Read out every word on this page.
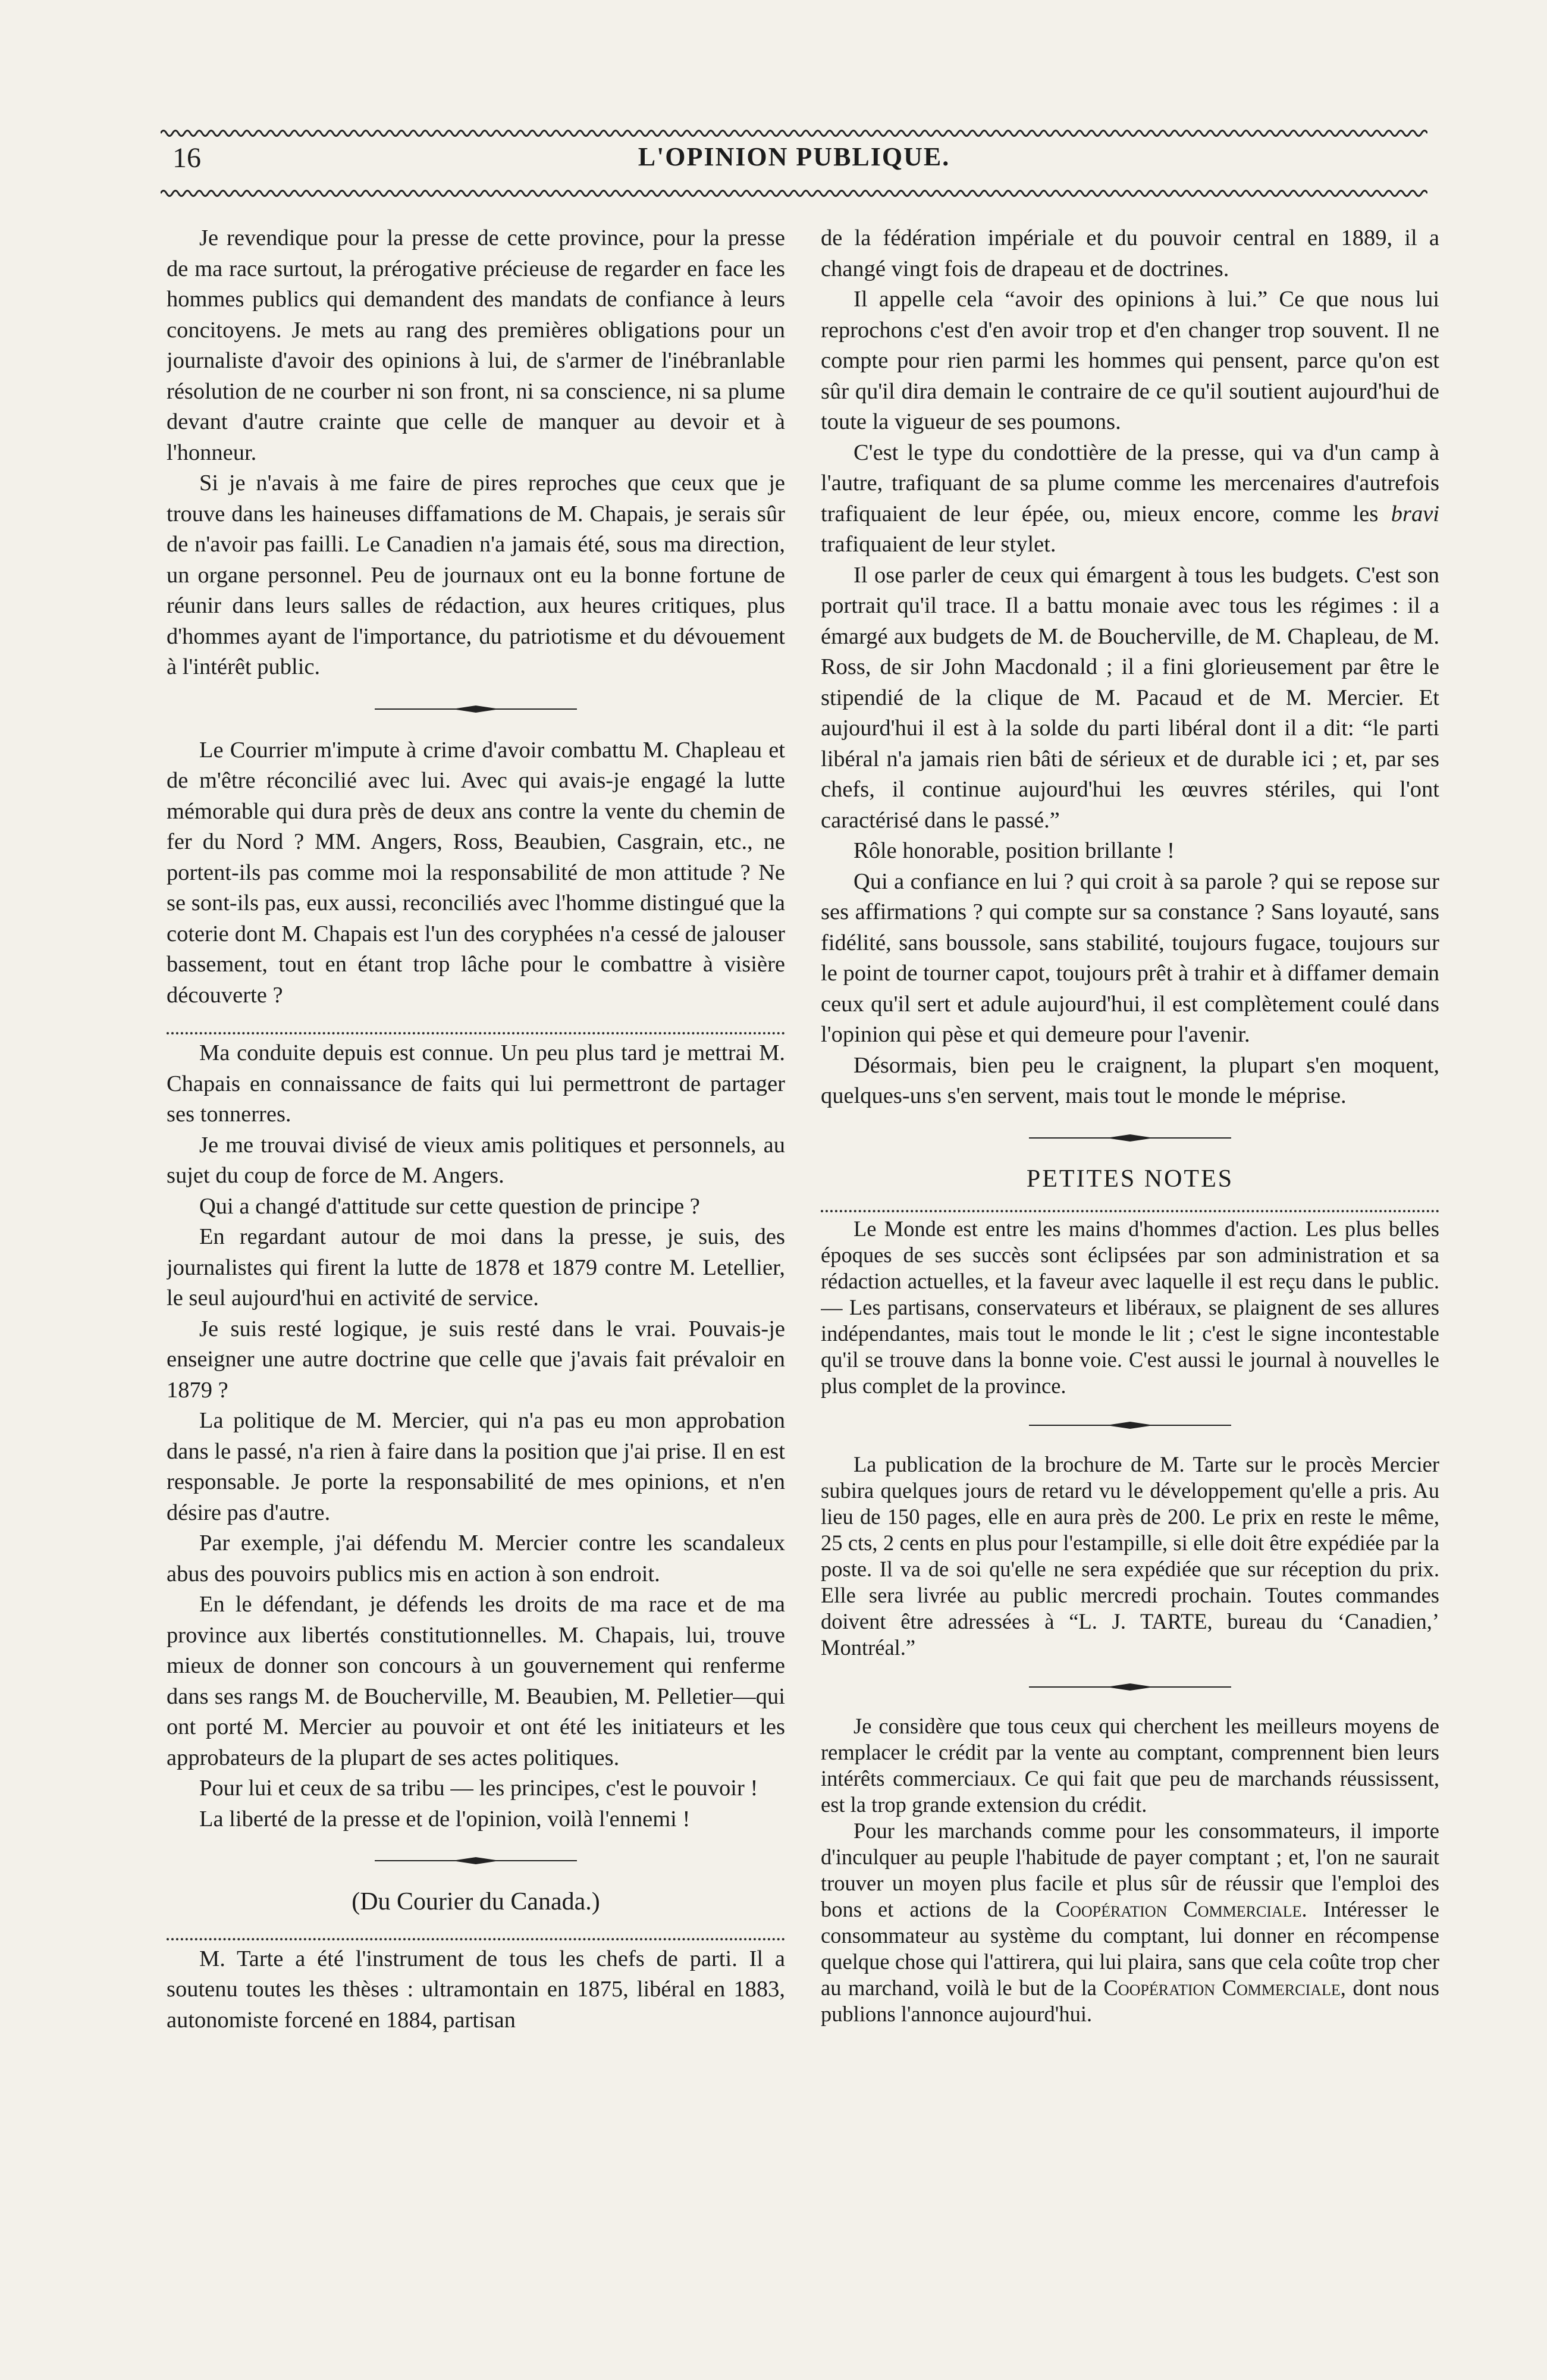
16	L'OPINION PUBLIQUE.

Je revendique pour la presse de cette province, pour la presse de ma race surtout, la prérogative précieuse de regarder en face les hommes publics qui demandent des mandats de confiance à leurs concitoyens. Je mets au rang des premières obligations pour un journaliste d'avoir des opinions à lui, de s'armer de l'inébranlable résolution de ne courber ni son front, ni sa conscience, ni sa plume devant d'autre crainte que celle de manquer au devoir et à l'honneur.

Si je n'avais à me faire de pires reproches que ceux que je trouve dans les haineuses diffamations de M. Chapais, je serais sûr de n'avoir pas failli. Le Canadien n'a jamais été, sous ma direction, un organe personnel. Peu de journaux ont eu la bonne fortune de réunir dans leurs salles de rédaction, aux heures critiques, plus d'hommes ayant de l'importance, du patriotisme et du dévouement à l'intérêt public.

Le Courrier m'impute à crime d'avoir combattu M. Chapleau et de m'être réconcilié avec lui. Avec qui avais-je engagé la lutte mémorable qui dura près de deux ans contre la vente du chemin de fer du Nord ? MM. Angers, Ross, Beaubien, Casgrain, etc., ne portent-ils pas comme moi la responsabilité de mon attitude ? Ne se sont-ils pas, eux aussi, reconciliés avec l'homme distingué que la coterie dont M. Chapais est l'un des coryphées n'a cessé de jalouser bassement, tout en étant trop lâche pour le combattre à visière découverte ?

Ma conduite depuis est connue. Un peu plus tard je mettrai M. Chapais en connaissance de faits qui lui permettront de partager ses tonnerres.

Je me trouvai divisé de vieux amis politiques et personnels, au sujet du coup de force de M. Angers.

Qui a changé d'attitude sur cette question de principe ?

En regardant autour de moi dans la presse, je suis, des journalistes qui firent la lutte de 1878 et 1879 contre M. Letellier, le seul aujourd'hui en activité de service.

Je suis resté logique, je suis resté dans le vrai. Pouvais-je enseigner une autre doctrine que celle que j'avais fait prévaloir en 1879 ?

La politique de M. Mercier, qui n'a pas eu mon approbation dans le passé, n'a rien à faire dans la position que j'ai prise. Il en est responsable. Je porte la responsabilité de mes opinions, et n'en désire pas d'autre.

Par exemple, j'ai défendu M. Mercier contre les scandaleux abus des pouvoirs publics mis en action à son endroit.

En le défendant, je défends les droits de ma race et de ma province aux libertés constitutionnelles. M. Chapais, lui, trouve mieux de donner son concours à un gouvernement qui renferme dans ses rangs M. de Boucherville, M. Beaubien, M. Pelletier—qui ont porté M. Mercier au pouvoir et ont été les initiateurs et les approbateurs de la plupart de ses actes politiques.

Pour lui et ceux de sa tribu — les principes, c'est le pouvoir !

La liberté de la presse et de l'opinion, voilà l'ennemi !

(Du Courier du Canada.)

M. Tarte a été l'instrument de tous les chefs de parti. Il a soutenu toutes les thèses : ultramontain en 1875, libéral en 1883, autonomiste forcené en 1884, partisan

de la fédération impériale et du pouvoir central en 1889, il a changé vingt fois de drapeau et de doctrines.

Il appelle cela “avoir des opinions à lui.” Ce que nous lui reprochons c'est d'en avoir trop et d'en changer trop souvent. Il ne compte pour rien parmi les hommes qui pensent, parce qu'on est sûr qu'il dira demain le contraire de ce qu'il soutient aujourd'hui de toute la vigueur de ses poumons.

C'est le type du condottière de la presse, qui va d'un camp à l'autre, trafiquant de sa plume comme les mercenaires d'autrefois trafiquaient de leur épée, ou, mieux encore, comme les bravi trafiquaient de leur stylet.

Il ose parler de ceux qui émargent à tous les budgets. C'est son portrait qu'il trace. Il a battu monaie avec tous les régimes : il a émargé aux budgets de M. de Boucherville, de M. Chapleau, de M. Ross, de sir John Macdonald ; il a fini glorieusement par être le stipendié de la clique de M. Pacaud et de M. Mercier. Et aujourd'hui il est à la solde du parti libéral dont il a dit: “le parti libéral n'a jamais rien bâti de sérieux et de durable ici ; et, par ses chefs, il continue aujourd'hui les œuvres stériles, qui l'ont caractérisé dans le passé.”

Rôle honorable, position brillante !

Qui a confiance en lui ? qui croit à sa parole ? qui se repose sur ses affirmations ? qui compte sur sa constance ? Sans loyauté, sans fidélité, sans boussole, sans stabilité, toujours fugace, toujours sur le point de tourner capot, toujours prêt à trahir et à diffamer demain ceux qu'il sert et adule aujourd'hui, il est complètement coulé dans l'opinion qui pèse et qui demeure pour l'avenir.

Désormais, bien peu le craignent, la plupart s'en moquent, quelques-uns s'en servent, mais tout le monde le méprise.

PETITES NOTES

Le Monde est entre les mains d'hommes d'action. Les plus belles époques de ses succès sont éclipsées par son administration et sa rédaction actuelles, et la faveur avec laquelle il est reçu dans le public.— Les partisans, conservateurs et libéraux, se plaignent de ses allures indépendantes, mais tout le monde le lit ; c'est le signe incontestable qu'il se trouve dans la bonne voie. C'est aussi le journal à nouvelles le plus complet de la province.

La publication de la brochure de M. Tarte sur le procès Mercier subira quelques jours de retard vu le développement qu'elle a pris. Au lieu de 150 pages, elle en aura près de 200. Le prix en reste le même, 25 cts, 2 cents en plus pour l'estampille, si elle doit être expédiée par la poste. Il va de soi qu'elle ne sera expédiée que sur réception du prix. Elle sera livrée au public mercredi prochain. Toutes commandes doivent être adressées à “L. J. TARTE, bureau du ‘Canadien,’ Montréal.”

Je considère que tous ceux qui cherchent les meilleurs moyens de remplacer le crédit par la vente au comptant, comprennent bien leurs intérêts commerciaux. Ce qui fait que peu de marchands réussissent, est la trop grande extension du crédit.

Pour les marchands comme pour les consommateurs, il importe d'inculquer au peuple l'habitude de payer comptant ; et, l'on ne saurait trouver un moyen plus facile et plus sûr de réussir que l'emploi des bons et actions de la Coopération Commerciale. Intéresser le consommateur au système du comptant, lui donner en récompense quelque chose qui l'attirera, qui lui plaira, sans que cela coûte trop cher au marchand, voilà le but de la Coopération Commerciale, dont nous publions l'annonce aujourd'hui.
